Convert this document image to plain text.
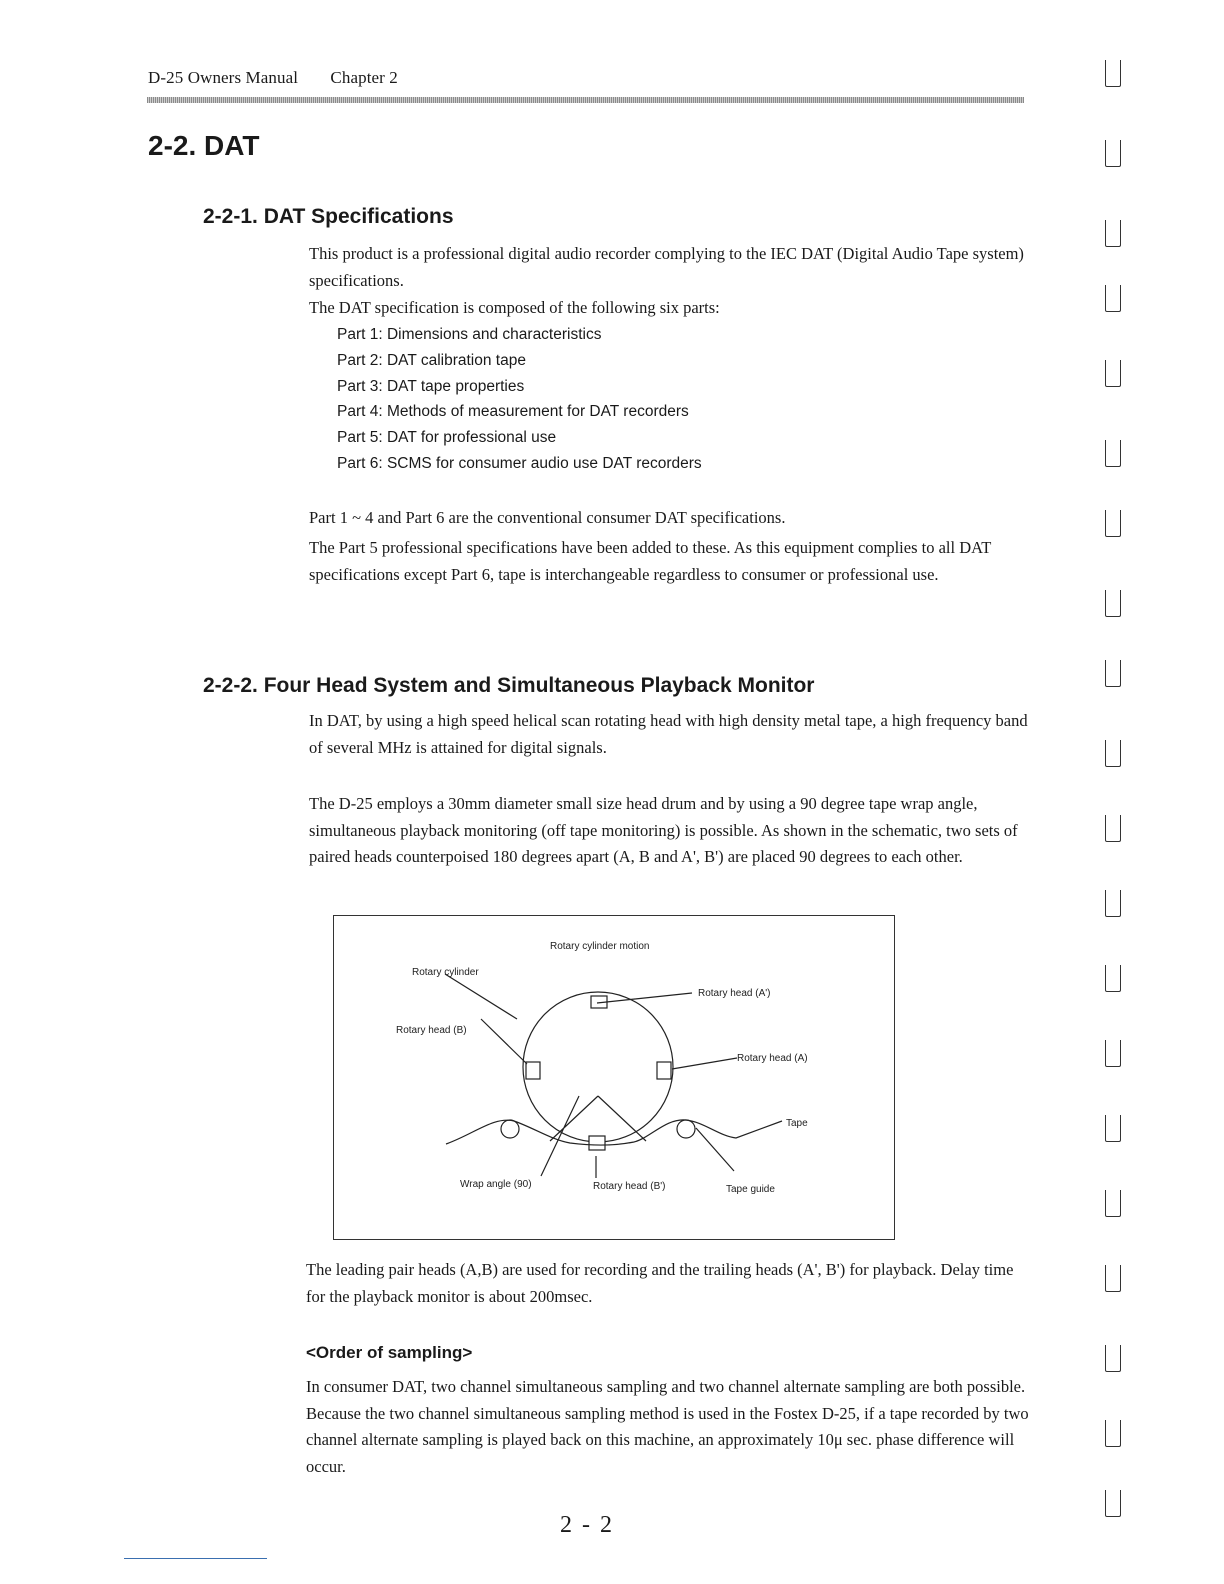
D-25 Owners Manual Chapter 2
2-2. DAT
2-2-1. DAT Specifications

This product is a professional digital audio recorder complying to the IEC DAT (Digital Audio Tape system) specifications.

The DAT specification is composed of the following six parts:

Part 1: Dimensions and characteristics
Part 2: DAT calibration tape
Part 3: DAT tape properties
Part 4: Methods of measurement for DAT recorders
Part 5: DAT for professional use
Part 6: SCMS for consumer audio use DAT recorders

Part 1 ~ 4 and Part 6 are the conventional consumer DAT specifications.

The Part 5 professional specifications have been added to these. As this equipment complies to all DAT specifications except Part 6, tape is interchangeable regardless to consumer or professional use.

2-2-2. Four Head System and Simultaneous Playback Monitor

In DAT, by using a high speed helical scan rotating head with high density metal tape, a high frequency band of several MHz is attained for digital signals.

The D-25 employs a 30mm diameter small size head drum and by using a 90 degree tape wrap angle, simultaneous playback monitoring (off tape monitoring) is possible. As shown in the schematic, two sets of paired heads counterpoised 180 degrees apart (A, B and A', B') are placed 90 degrees to each other.

Rotary cylinder motion
Rotary cylinder
Rotary head (A')
Rotary head (B)
Rotary head (A)
Tape
Wrap angle (90)	Rotary head (B')	Tape guide

The leading pair heads (A,B) are used for recording and the trailing heads (A', B') for playback. Delay time for the playback monitor is about 200msec.

<Order of sampling>

In consumer DAT, two channel simultaneous sampling and two channel alternate sampling are both possible. Because the two channel simultaneous sampling method is used in the Fostex D-25, if a tape recorded by two channel alternate sampling is played back on this machine, an approximately 10μ sec. phase difference will occur.

2 - 2
